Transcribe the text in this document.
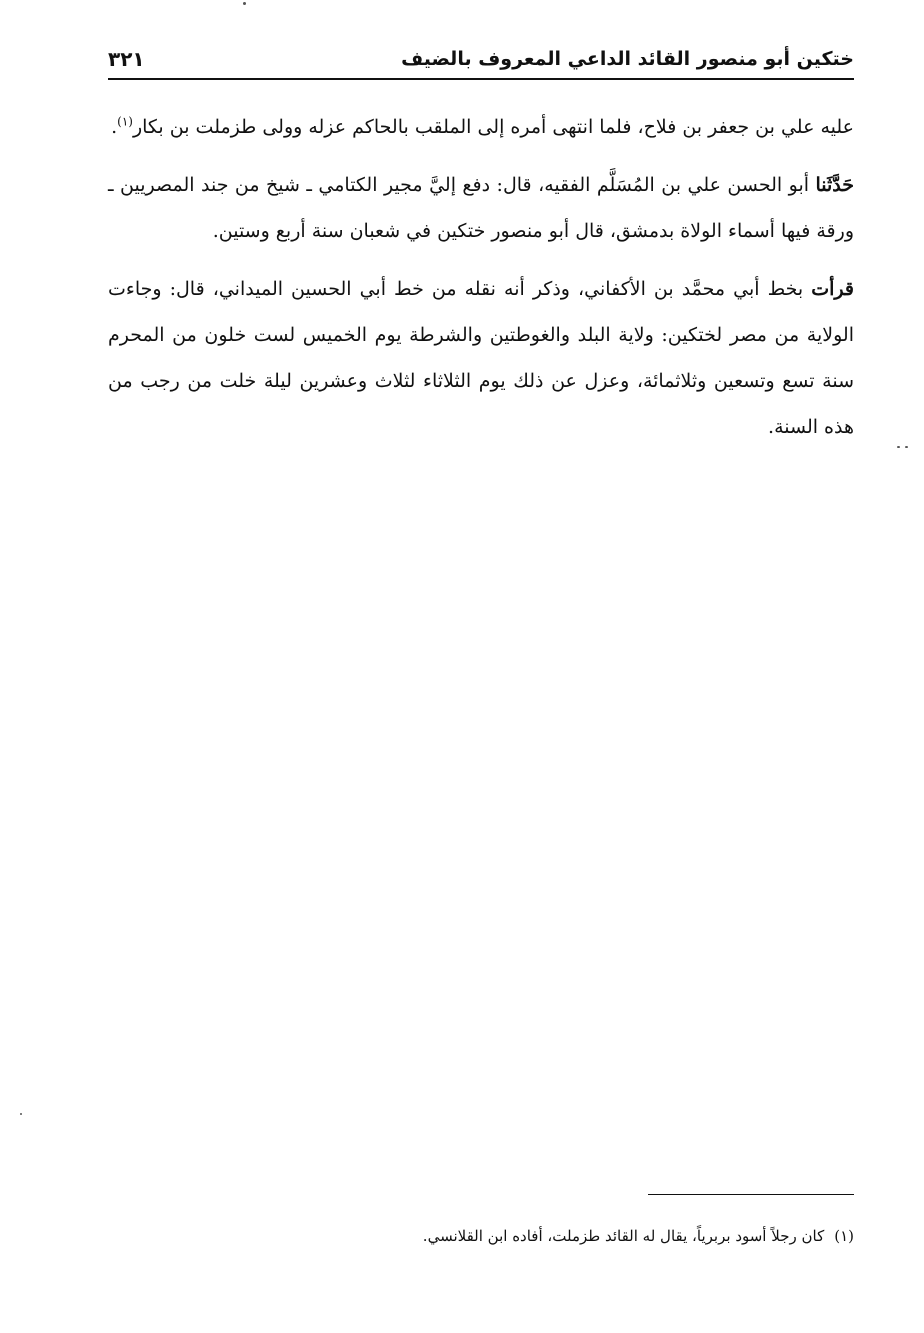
ختكين أبو منصور القائد الداعي المعروف بالضيف
٣٢١

عليه علي بن جعفر بن فلاح، فلما انتهى أمره إلى الملقب بالحاكم عزله وولى طزملت بن بكار$^{(١)}$.

حَدَّثَنا أبو الحسن علي بن المُسَلَّم الفقيه، قال: دفع إليَّ مجير الكتامي ـ شيخ من جند المصريين ـ ورقة فيها أسماء الولاة بدمشق، قال أبو منصور ختكين في شعبان سنة أربع وستين.

قرأت بخط أبي محمَّد بن الأكفاني، وذكر أنه نقله من خط أبي الحسين الميداني، قال: وجاءت الولاية من مصر لختكين: ولاية البلد والغوطتين والشرطة يوم الخميس لست خلون من المحرم سنة تسع وتسعين وثلاثمائة، وعزل عن ذلك يوم الثلاثاء لثلاث وعشرين ليلة خلت من رجب من هذه السنة.

(١)كان رجلاً أسود بربرياً، يقال له القائد طزملت، أفاده ابن القلانسي.
